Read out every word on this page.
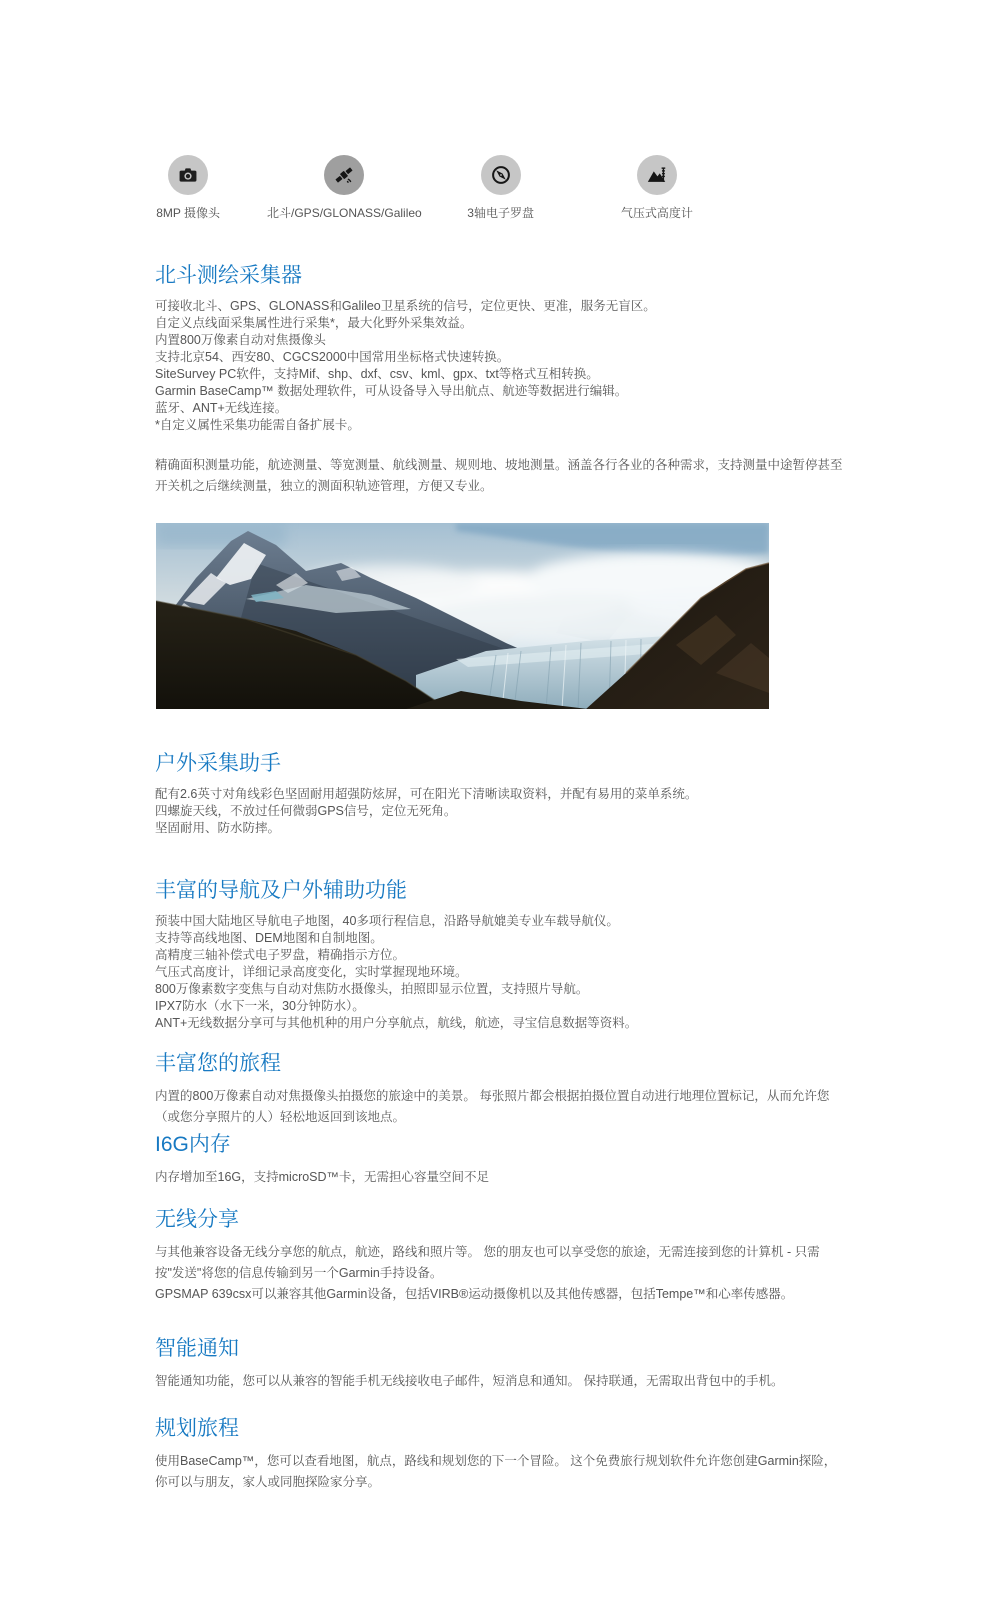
8MP 摄像头	北斗/GPS/GLONASS/Galileo	3轴电子罗盘	气压式高度计
北斗测绘采集器
可接收北斗、GPS、GLONASS和Galileo卫星系统的信号，定位更快、更准，服务无盲区。
自定义点线面采集属性进行采集*，最大化野外采集效益。
内置800万像素自动对焦摄像头
支持北京54、西安80、CGCS2000中国常用坐标格式快速转换。
SiteSurvey PC软件，支持Mif、shp、dxf、csv、kml、gpx、txt等格式互相转换。
Garmin BaseCamp™ 数据处理软件，可从设备导入导出航点、航迹等数据进行编辑。
蓝牙、ANT+无线连接。
*自定义属性采集功能需自备扩展卡。

精确面积测量功能，航迹测量、等宽测量、航线测量、规则地、坡地测量。涵盖各行各业的各种需求，支持测量中途暂停甚至开关机之后继续测量，独立的测面积轨迹管理，方便又专业。

户外采集助手
配有2.6英寸对角线彩色坚固耐用超强防炫屏，可在阳光下清晰读取资料，并配有易用的菜单系统。
四螺旋天线，不放过任何微弱GPS信号，定位无死角。
坚固耐用、防水防摔。
丰富的导航及户外辅助功能
预装中国大陆地区导航电子地图，40多项行程信息，沿路导航媲美专业车载导航仪。
支持等高线地图、DEM地图和自制地图。
高精度三轴补偿式电子罗盘，精确指示方位。
气压式高度计，详细记录高度变化，实时掌握现地环境。
800万像素数字变焦与自动对焦防水摄像头，拍照即显示位置，支持照片导航。
IPX7防水（水下一米，30分钟防水）。
ANT+无线数据分享可与其他机种的用户分享航点，航线，航迹，寻宝信息数据等资料。
丰富您的旅程

内置的800万像素自动对焦摄像头拍摄您的旅途中的美景。 每张照片都会根据拍摄位置自动进行地理位置标记，从而允许您（或您分享照片的人）轻松地返回到该地点。

I6G内存

内存增加至16G，支持microSD™卡，无需担心容量空间不足

无线分享

与其他兼容设备无线分享您的航点，航迹，路线和照片等。 您的朋友也可以享受您的旅途，无需连接到您的计算机 - 只需按"发送"将您的信息传输到另一个Garmin手持设备。

GPSMAP 639csx可以兼容其他Garmin设备，包括VIRB®运动摄像机以及其他传感器，包括Tempe™和心率传感器。

智能通知

智能通知功能，您可以从兼容的智能手机无线接收电子邮件，短消息和通知。 保持联通，无需取出背包中的手机。

规划旅程

使用BaseCamp™，您可以查看地图，航点，路线和规划您的下一个冒险。 这个免费旅行规划软件允许您创建Garmin探险，你可以与朋友，家人或同胞探险家分享。
